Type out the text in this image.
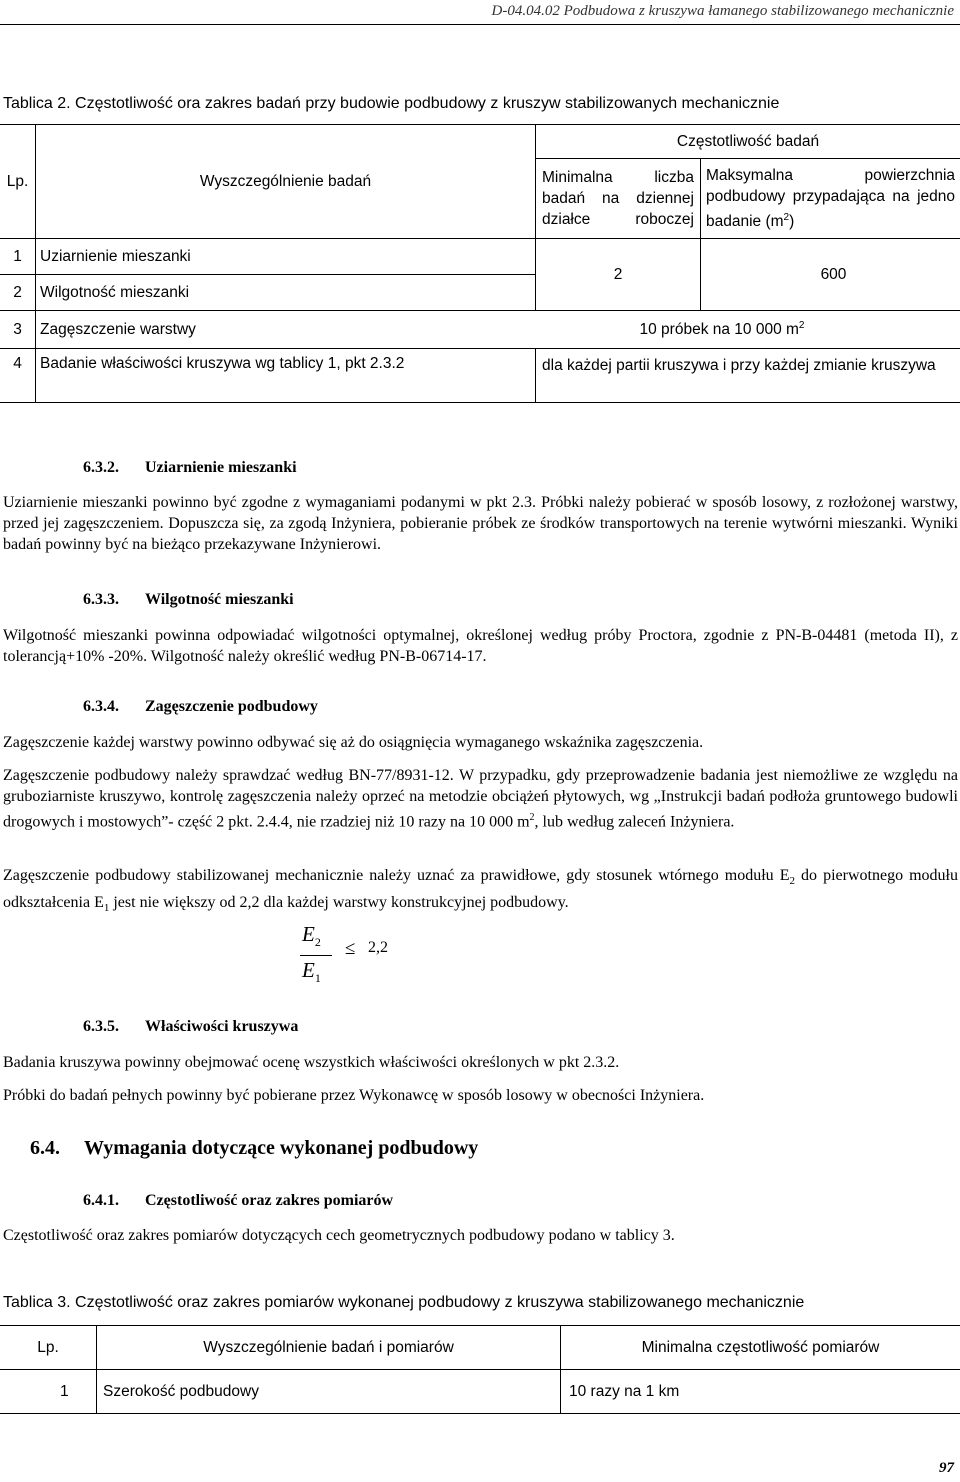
D-04.04.02 Podbudowa z kruszywa łamanego stabilizowanego mechanicznie
Tablica 2. Częstotliwość ora zakres badań przy budowie podbudowy z kruszyw stabilizowanych mechanicznie
Lp.	Wyszczególnienie badań	Częstotliwość badań	
		Minimalna liczba badań na dziennej działce roboczej	Maksymalna powierzchnia podbudowy przypadająca na jedno badanie $(m^2)$
1	Uziarnienie mieszanki	2	600
2	Wilgotność mieszanki		
3	Zagęszczenie warstwy	10 próbek na 10 000 $m^2$
4	Badanie właściwości kruszywa wg tablicy 1, pkt 2.3.2	dla każdej partii kruszywa i przy każdej zmianie kruszywa	
6.3.2. Uziarnienie mieszanki
Uziarnienie mieszanki powinno być zgodne z wymaganiami podanymi w pkt 2.3. Próbki należy pobierać w sposób losowy, z rozłożonej warstwy, przed jej zagęszczeniem. Dopuszcza się, za zgodą Inżyniera, pobieranie próbek ze środków transportowych na terenie wytwórni mieszanki. Wyniki badań powinny być na bieżąco przekazywane Inżynierowi.
6.3.3. Wilgotność mieszanki
Wilgotność mieszanki powinna odpowiadać wilgotności optymalnej, określonej według próby Proctora, zgodnie z PN-B-04481 (metoda II), z tolerancją+10% -20%. Wilgotność należy określić według PN-B-06714-17.
6.3.4. Zagęszczenie podbudowy
Zagęszczenie każdej warstwy powinno odbywać się aż do osiągnięcia wymaganego wskaźnika zagęszczenia.
Zagęszczenie podbudowy należy sprawdzać według BN-77/8931-12. W przypadku, gdy przeprowadzenie badania jest niemożliwe ze względu na gruboziarniste kruszywo, kontrolę zagęszczenia należy oprzeć na metodzie obciążeń płytowych, wg „Instrukcji badań podłoża gruntowego budowli drogowych i mostowych”- część 2 pkt. 2.4.4, nie rzadziej niż 10 razy na 10 000 $m^2$, lub według zaleceń Inżyniera.
Zagęszczenie podbudowy stabilizowanej mechanicznie należy uznać za prawidłowe, gdy stosunek wtórnego modułu $E_2$ do pierwotnego modułu odkształcenia $E_1$ jest nie większy od 2,2 dla każdej warstwy konstrukcyjnej podbudowy.
$E_2$
$E_1$
≤ 2,2
6.3.5. Właściwości kruszywa
Badania kruszywa powinny obejmować ocenę wszystkich właściwości określonych w pkt 2.3.2.
Próbki do badań pełnych powinny być pobierane przez Wykonawcę w sposób losowy w obecności Inżyniera.
6.4. Wymagania dotyczące wykonanej podbudowy
6.4.1. Częstotliwość oraz zakres pomiarów
Częstotliwość oraz zakres pomiarów dotyczących cech geometrycznych podbudowy podano w tablicy 3.
Tablica 3. Częstotliwość oraz zakres pomiarów wykonanej podbudowy z kruszywa stabilizowanego mechanicznie
Lp.	Wyszczególnienie badań i pomiarów	Minimalna częstotliwość pomiarów
1	Szerokość podbudowy	10 razy na 1 km
97
